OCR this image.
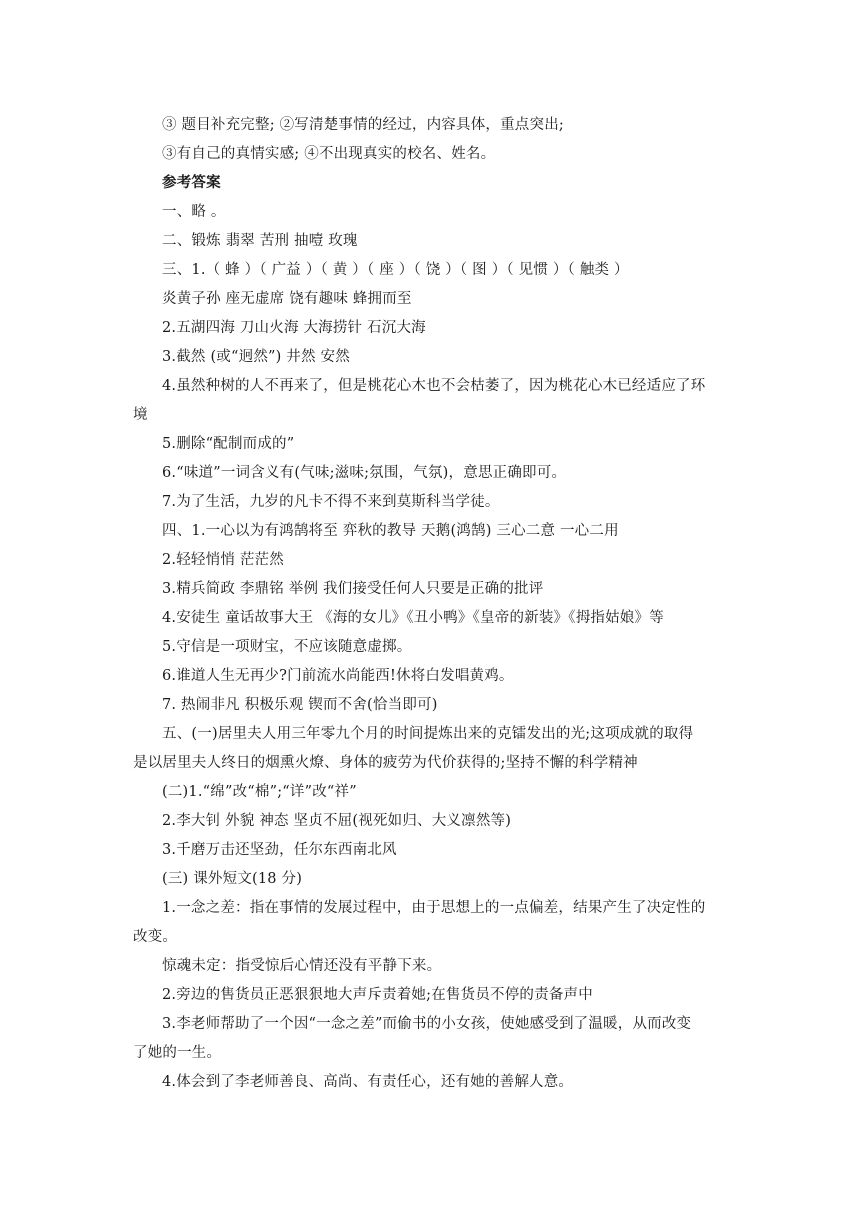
③ 题目补充完整; ②写清楚事情的经过，内容具体，重点突出;
③有自己的真情实感; ④不出现真实的校名、姓名。
参考答案
一、略 。
二、锻炼 翡翠 苦刑 抽噎 玫瑰
三、1.（ 蜂 ）（ 广益 ）（ 黄 ）（ 座 ）（ 饶 ）（ 图 ）（ 见惯 ）（ 触类 ）
炎黄子孙 座无虚席 饶有趣味 蜂拥而至
2.五湖四海 刀山火海 大海捞针 石沉大海
3.截然 (或“迥然”) 井然 安然
4.虽然种树的人不再来了，但是桃花心木也不会枯萎了，因为桃花心木已经适应了环
境
5.删除“配制而成的”
6.“味道”一词含义有(气味;滋味;氛围，气氛)，意思正确即可。
7.为了生活，九岁的凡卡不得不来到莫斯科当学徒。
四、1.一心以为有鸿鹄将至 弈秋的教导 天鹅(鸿鹄) 三心二意 一心二用
2.轻轻悄悄 茫茫然
3.精兵简政 李鼎铭 举例 我们接受任何人只要是正确的批评
4.安徒生 童话故事大王 《海的女儿》《丑小鸭》《皇帝的新装》《拇指姑娘》等
5.守信是一项财宝，不应该随意虚掷。
6.谁道人生无再少?门前流水尚能西!休将白发唱黄鸡。
7. 热闹非凡 积极乐观 锲而不舍(恰当即可)
五、(一)居里夫人用三年零九个月的时间提炼出来的克镭发出的光;这项成就的取得
是以居里夫人终日的烟熏火燎、身体的疲劳为代价获得的;坚持不懈的科学精神
(二)1.“绵”改“棉”;“详”改“祥”
2.李大钊 外貌 神态 坚贞不屈(视死如归、大义凛然等)
3.千磨万击还坚劲，任尔东西南北风
(三) 课外短文(18 分)
1.一念之差：指在事情的发展过程中，由于思想上的一点偏差，结果产生了决定性的
改变。
惊魂未定：指受惊后心情还没有平静下来。
2.旁边的售货员正恶狠狠地大声斥责着她;在售货员不停的责备声中
3.李老师帮助了一个因“一念之差”而偷书的小女孩，使她感受到了温暖，从而改变
了她的一生。
4.体会到了李老师善良、高尚、有责任心，还有她的善解人意。
